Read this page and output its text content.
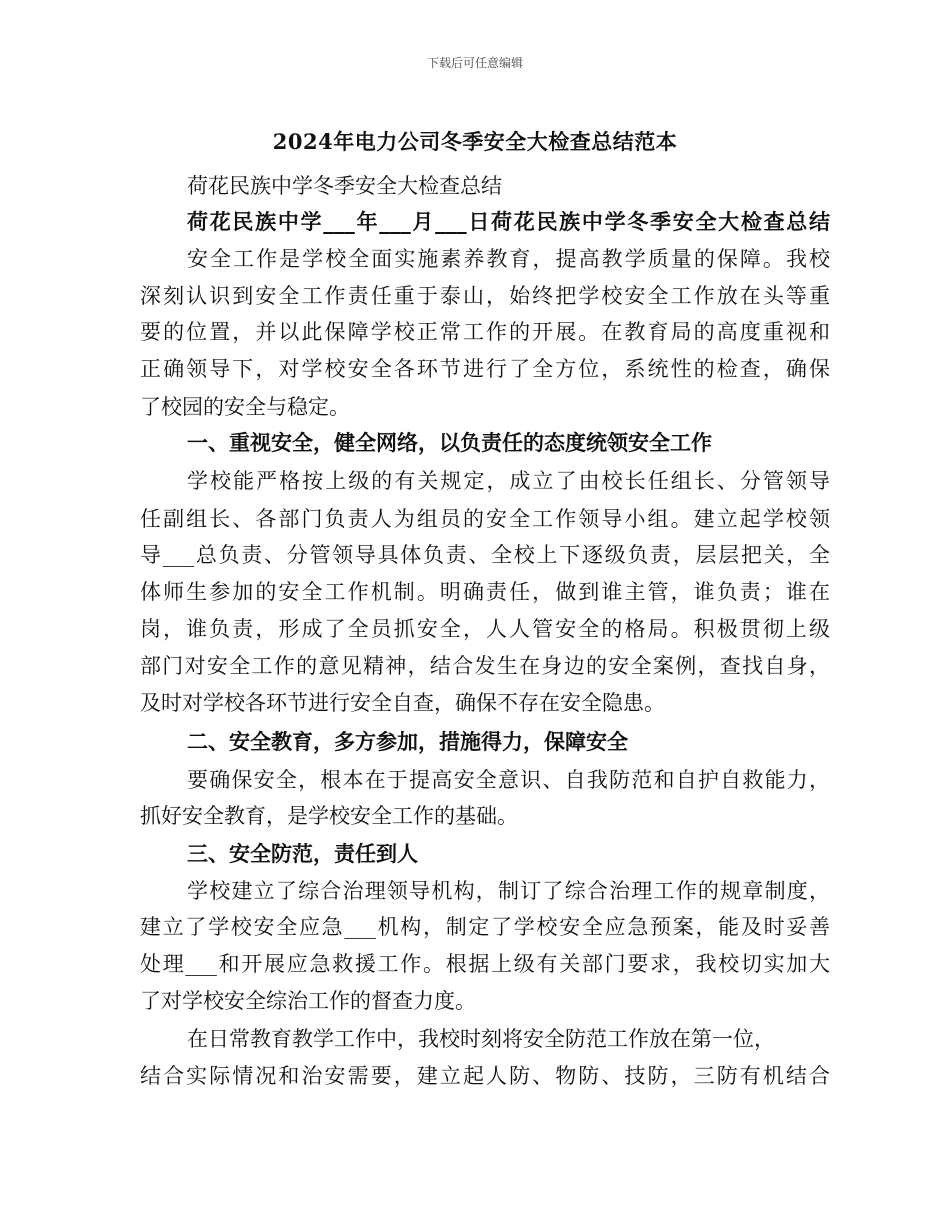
下载后可任意编辑
2024年电力公司冬季安全大检查总结范本
荷花民族中学冬季安全大检查总结
荷花民族中学___年___月___日荷花民族中学冬季安全大检查总结
安全工作是学校全面实施素养教育，提高教学质量的保障。我校
深刻认识到安全工作责任重于泰山，始终把学校安全工作放在头等重
要的位置，并以此保障学校正常工作的开展。在教育局的高度重视和
正确领导下，对学校安全各环节进行了全方位，系统性的检查，确保
了校园的安全与稳定。
一、重视安全，健全网络，以负责任的态度统领安全工作
学校能严格按上级的有关规定，成立了由校长任组长、分管领导
任副组长、各部门负责人为组员的安全工作领导小组。建立起学校领
导___总负责、分管领导具体负责、全校上下逐级负责，层层把关，全
体师生参加的安全工作机制。明确责任，做到谁主管，谁负责；谁在
岗，谁负责，形成了全员抓安全，人人管安全的格局。积极贯彻上级
部门对安全工作的意见精神，结合发生在身边的安全案例，查找自身，
及时对学校各环节进行安全自查，确保不存在安全隐患。
二、安全教育，多方参加，措施得力，保障安全
要确保安全，根本在于提高安全意识、自我防范和自护自救能力，
抓好安全教育，是学校安全工作的基础。
三、安全防范，责任到人
学校建立了综合治理领导机构，制订了综合治理工作的规章制度，
建立了学校安全应急___机构，制定了学校安全应急预案，能及时妥善
处理___和开展应急救援工作。根据上级有关部门要求，我校切实加大
了对学校安全综治工作的督查力度。
在日常教育教学工作中，我校时刻将安全防范工作放在第一位，
结合实际情况和治安需要，建立起人防、物防、技防，三防有机结合
